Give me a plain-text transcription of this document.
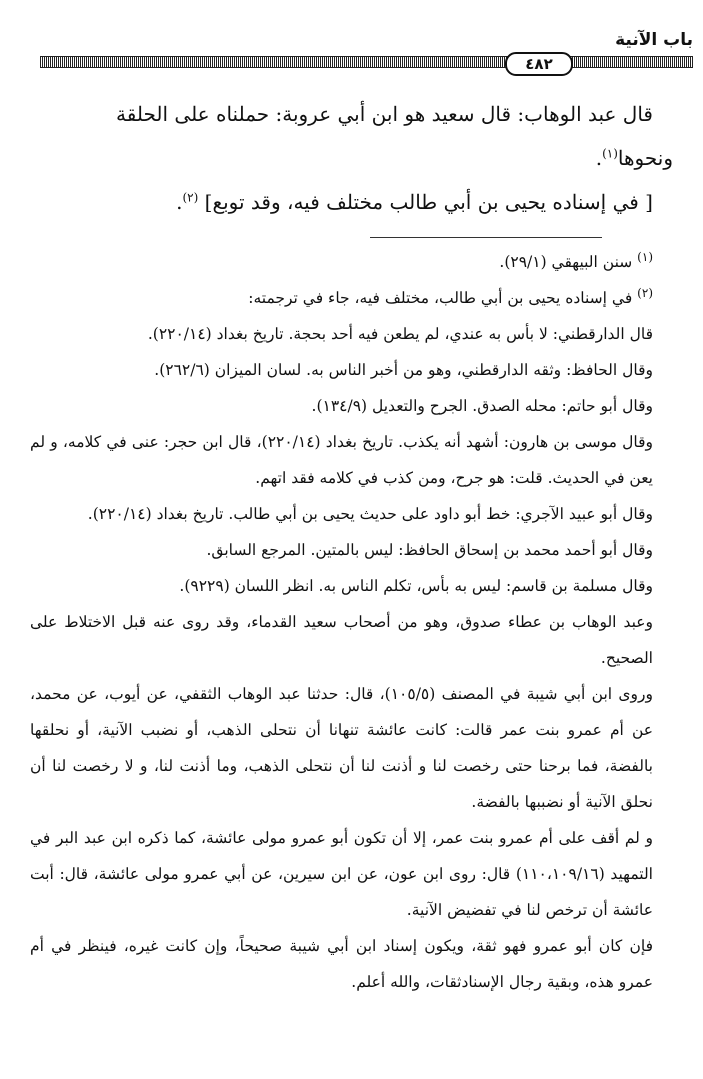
باب الآنية
٤٨٢

قال عبد الوهاب: قال سعيد هو ابن أبي عروبة: حملناه على الحلقة

ونحوها$^{(١)}$.

[ في إسناده يحيى بن أبي طالب مختلف فيه، وقد توبع] $^{(٢)}$.

$^{(١)}$ سنن البيهقي (٢٩/١).

$^{(٢)}$ في إسناده يحيى بن أبي طالب، مختلف فيه، جاء في ترجمته:

قال الدارقطني: لا بأس به عندي، لم يطعن فيه أحد بحجة. تاريخ بغداد (٢٢٠/١٤).

وقال الحافظ: وثقه الدارقطني، وهو من أخبر الناس به. لسان الميزان (٢٦٢/٦).

وقال أبو حاتم: محله الصدق. الجرح والتعديل (١٣٤/٩).

وقال موسى بن هارون: أشهد أنه يكذب. تاريخ بغداد (٢٢٠/١٤)، قال ابن حجر: عنى في كلامه، و لم يعن في الحديث. قلت: هو جرح، ومن كذب في كلامه فقد اتهم.

وقال أبو عبيد الآجري: خط أبو داود على حديث يحيى بن أبي طالب. تاريخ بغداد (٢٢٠/١٤).

وقال أبو أحمد محمد بن إسحاق الحافظ: ليس بالمتين. المرجع السابق.

وقال مسلمة بن قاسم: ليس به بأس، تكلم الناس به. انظر اللسان (٩٢٢٩).

وعبد الوهاب بن عطاء صدوق، وهو من أصحاب سعيد القدماء، وقد روى عنه قبل الاختلاط على الصحيح.

وروى ابن أبي شيبة في المصنف (١٠٥/٥)، قال: حدثنا عبد الوهاب الثقفي، عن أيوب، عن محمد، عن أم عمرو بنت عمر قالت: كانت عائشة تنهانا أن نتحلى الذهب، أو نضبب الآنية، أو نحلقها بالفضة، فما برحنا حتى رخصت لنا و أذنت لنا أن نتحلى الذهب، وما أذنت لنا، و لا رخصت لنا أن نحلق الآنية أو نضببها بالفضة.

و لم أقف على أم عمرو بنت عمر، إلا أن تكون أبو عمرو مولى عائشة، كما ذكره ابن عبد البر في التمهيد (١١٠،١٠٩/١٦) قال: روى ابن عون، عن ابن سيرين، عن أبي عمرو مولى عائشة، قال: أبت عائشة أن ترخص لنا في تفضيض الآنية.

فإن كان أبو عمرو فهو ثقة، ويكون إسناد ابن أبي شيبة صحيحاً، وإن كانت غيره، فينظر في أم عمرو هذه، وبقية رجال الإسنادثقات، والله أعلم.
